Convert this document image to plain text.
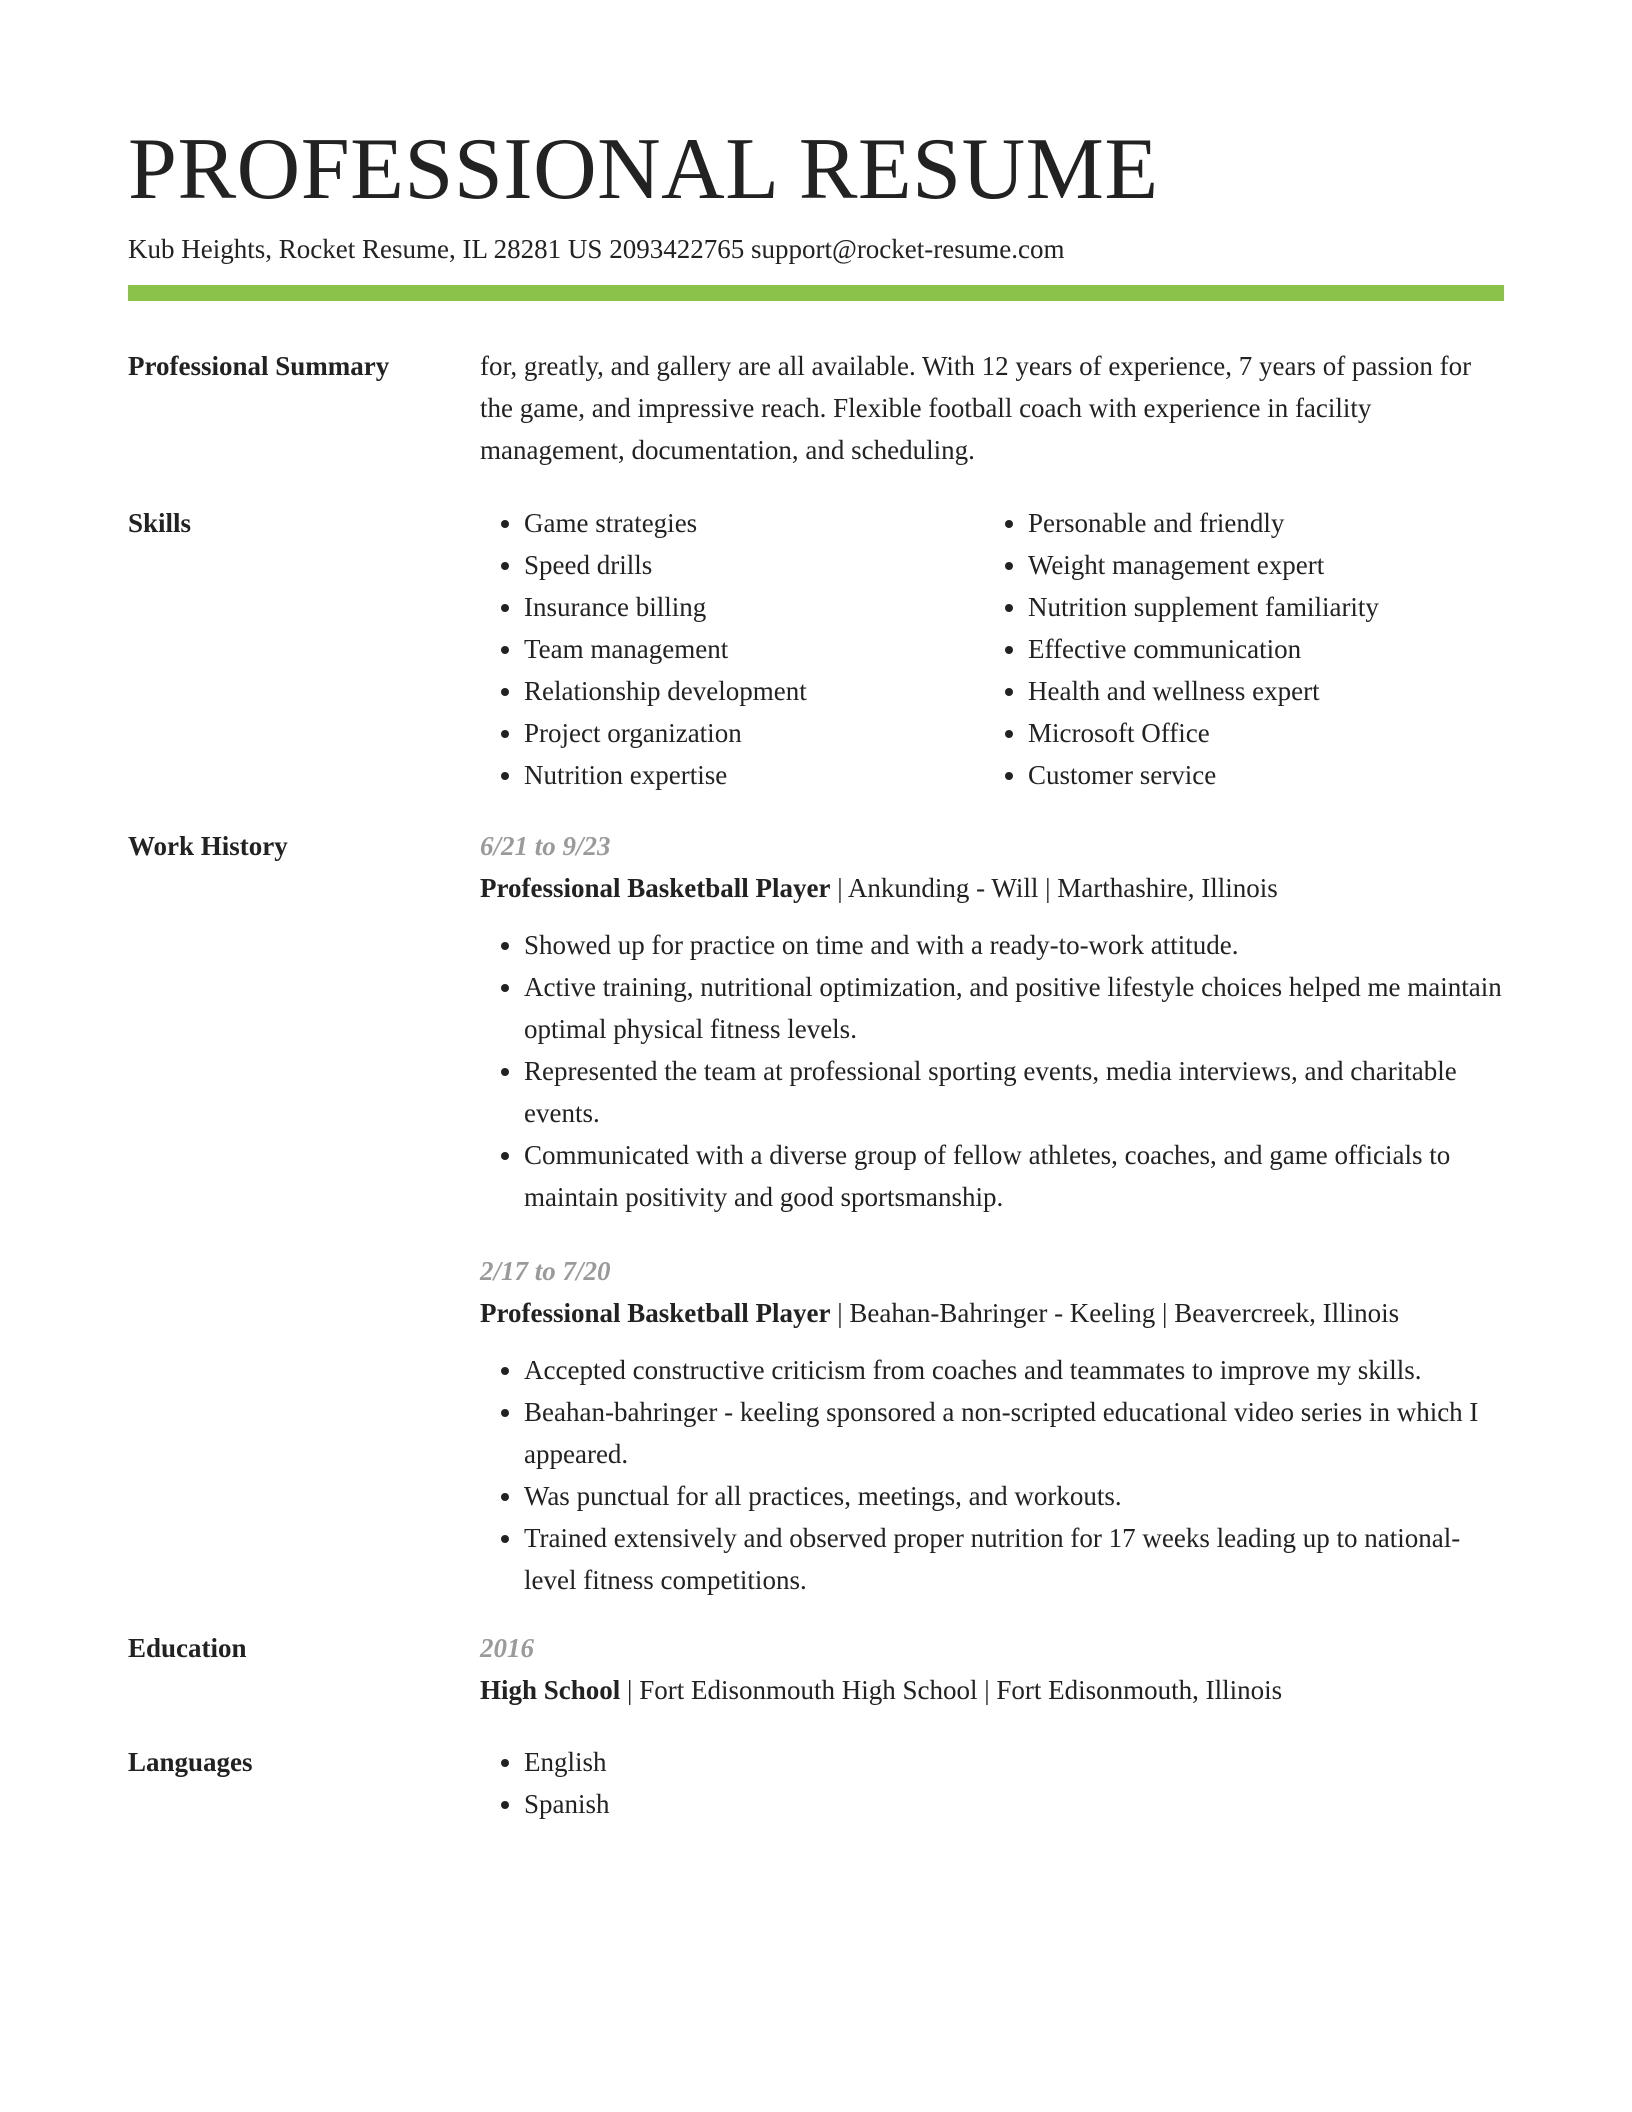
PROFESSIONAL RESUME
Kub Heights, Rocket Resume, IL 28281 US 2093422765 support@rocket-resume.com
Professional Summary	for, greatly, and gallery are all available. With 12 years of experience, 7 years of passion for the game, and impressive reach. Flexible football coach with experience in facility management, documentation, and scheduling.

Skills	• Game strategies
• Speed drills
• Insurance billing
• Team management
• Relationship development
• Project organization
• Nutrition expertise
• Personable and friendly
• Weight management expert
• Nutrition supplement familiarity
• Effective communication
• Health and wellness expert
• Microsoft Office
• Customer service
Work History	6/21 to 9/23
Professional Basketball Player | Ankunding - Will | Marthashire, Illinois
• Showed up for practice on time and with a ready-to-work attitude.
• Active training, nutritional optimization, and positive lifestyle choices helped me maintain optimal physical fitness levels.
• Represented the team at professional sporting events, media interviews, and charitable events.
• Communicated with a diverse group of fellow athletes, coaches, and game officials to maintain positivity and good sportsmanship.
2/17 to 7/20
Professional Basketball Player | Beahan-Bahringer - Keeling | Beavercreek, Illinois
• Accepted constructive criticism from coaches and teammates to improve my skills.
• Beahan-bahringer - keeling sponsored a non-scripted educational video series in which I appeared.
• Was punctual for all practices, meetings, and workouts.
• Trained extensively and observed proper nutrition for 17 weeks leading up to national-level fitness competitions.
Education	2016
High School | Fort Edisonmouth High School | Fort Edisonmouth, Illinois
Languages	• English
• Spanish
